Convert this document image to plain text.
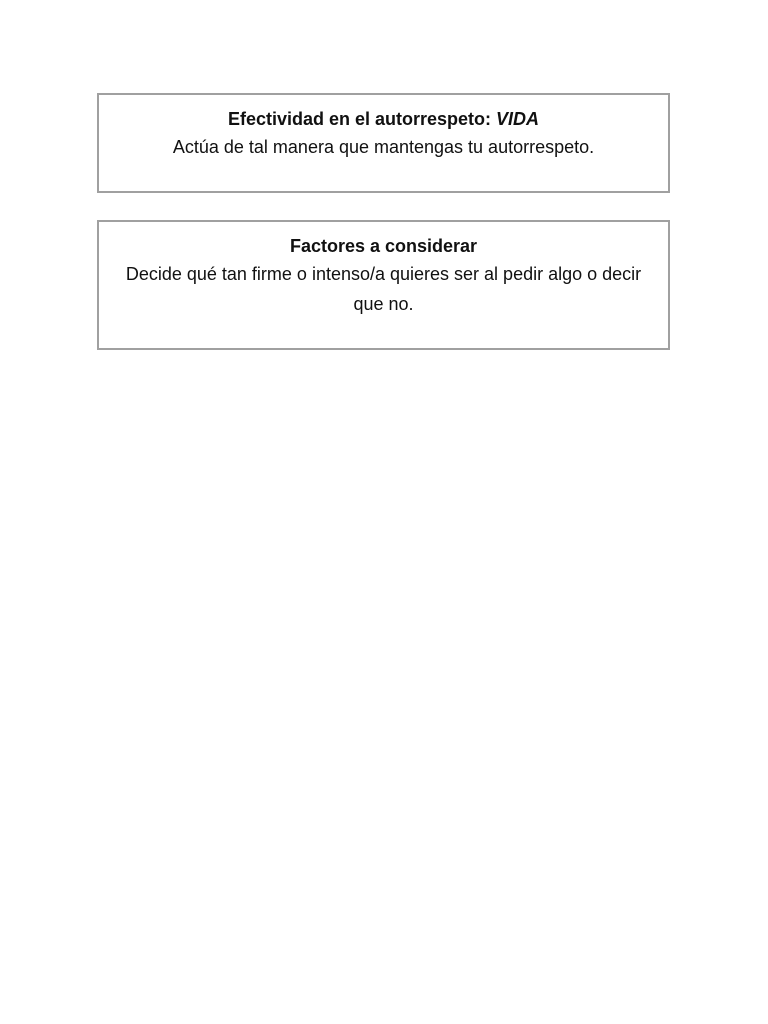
Efectividad en el autorrespeto: VIDA
Actúa de tal manera que mantengas tu autorrespeto.
Factores a considerar
Decide qué tan firme o intenso/a quieres ser al pedir algo o decir que no.
